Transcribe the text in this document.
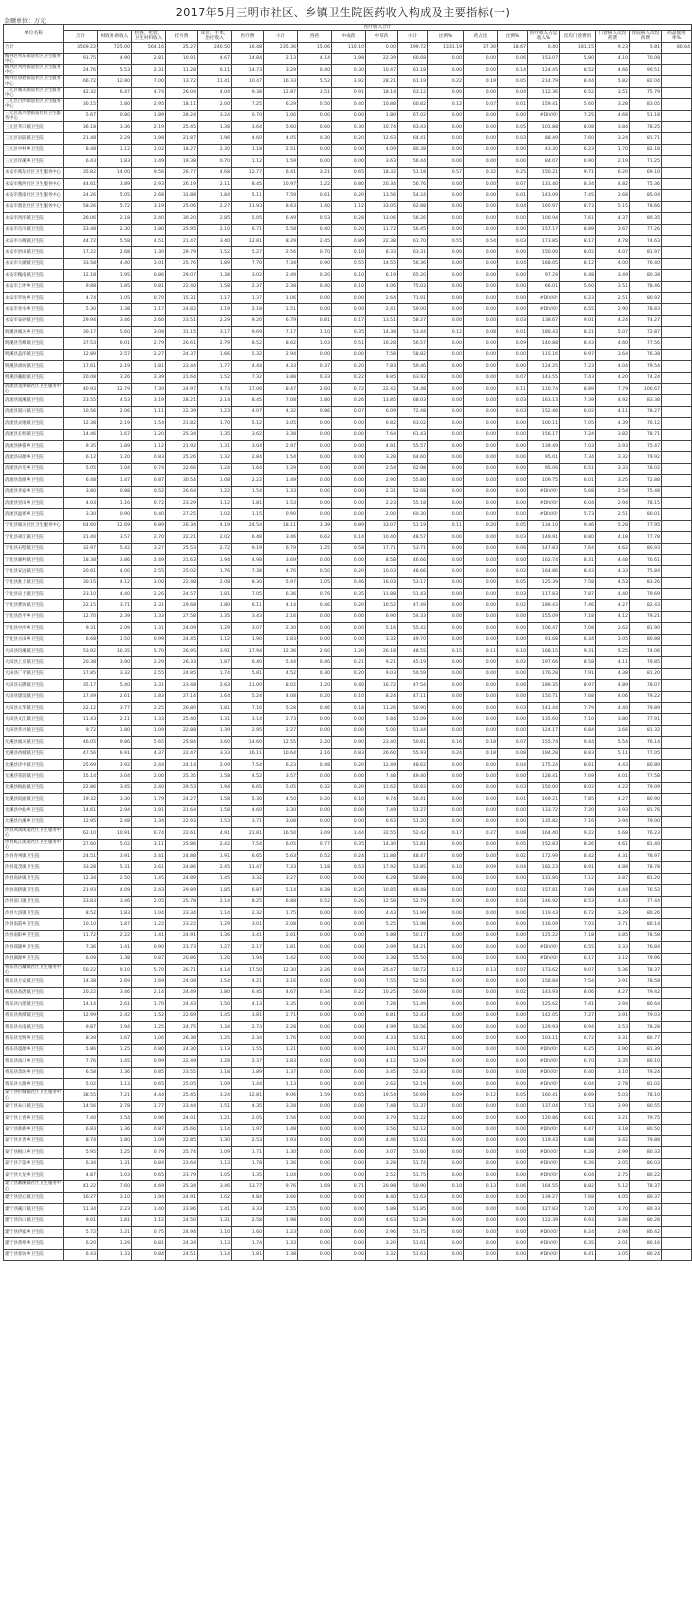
2017年5月三明市社区、乡镇卫生院医药收入构成及主要指标(一)
金额单位：万元
单位名称	医疗收入合计																		
	合计	财政补助收入	检查、化验、卫生材料收入	挂号费	床位、手术、治疗收入	医疗费	小计	西药	中成药	中草药	小计	比例%	药占比	比例%	医疗收入占总收入%	次均门诊费用	门诊病人次均药费	住院病人次均药费	药品使用率%
合计	3569.22	725.00	564.16	25.27	240.50	16.48	235.36	15.06	110.10	0.00	199.72	1331.19	37.30	18.67	0.40	181.15	9.23	5.81	80.64
梅列区列东街道社区卫生服务中心	91.75	4.90	2.81	10.91	4.67	14.84	2.13	4.14	1.98	22.39	60.68	0.00	0.00	0.06	153.07	5.80	4.10	70.08	
梅列区列西街道社区卫生服务中心	24.76	5.53	2.31	11.28	6.11	14.73	3.29	0.40	0.30	10.47	61.18	0.00	0.00	0.14	124.45	8.52	4.66	90.51	
梅列区徐碧街道社区卫生服务中心	66.72	12.80	7.00	13.72	11.41	10.47	16.33	5.52	3.92	28.21	61.19	0.22	0.19	0.05	214.79	8.44	5.82	82.04	
三元区城关街道社区卫生服务中心	42.32	6.47	4.74	26.04	4.04	9.38	12.87	3.51	0.91	18.14	63.12	0.00	0.00	0.04	112.36	6.52	3.51	75.79	
三元区白沙街道社区卫生服务中心	30.15	1.80	2.95	18.11	2.00	7.25	6.29	0.50	0.40	10.88	60.82	0.12	0.07	0.01	159.41	5.60	3.28	83.05	
三元区富兴堡街道社区卫生服务中心	5.67	0.80	1.89	28.24	3.24	0.70	1.06	0.00	0.00	1.80	67.02	0.00	0.00	0.00	#DIV/0!	7.25	4.68	51.18	
三元区莘口镇卫生院	36.18	3.36	2.19	25.45	1.38	3.64	5.60	0.60	0.30	10.74	63.43	0.00	0.00	0.05	101.88	8.08	3.84	78.25	
三元区岩前镇卫生院	21.48	2.29	1.98	21.87	1.96	4.60	4.05	0.30	0.20	12.63	64.41	0.00	0.00	0.03	88.49	7.60	3.24	81.71	
三元区中村乡卫生院	8.48	1.12	1.02	18.27	2.30	1.18	2.51	0.00	0.00	4.09	80.38	0.00	0.00	0.00	43.30	6.23	1.70	82.18	
三元区洋溪乡卫生院	6.43	1.83	1.49	19.38	0.70	1.12	1.59	0.00	0.00	3.63	56.44	0.00	0.00	0.00	84.07	6.90	2.19	71.25	
永安市燕东社区卫生服务中心	35.82	14.00	9.56	26.77	4.68	12.77	6.41	3.21	0.65	18.32	51.18	0.57	0.32	0.25	150.21	9.71	6.20	69.10	
永安市燕西社区卫生服务中心	44.61	3.89	2.93	26.19	2.11	8.45	10.97	1.22	0.80	20.34	56.76	0.00	0.00	0.07	131.40	8.34	4.82	75.36	
永安市燕南社区卫生服务中心	24.26	5.05	2.68	31.88	1.84	5.11	7.59	0.61	0.20	13.56	54.24	0.00	0.00	0.01	143.09	7.45	3.68	85.04	
永安市燕北社区卫生服务中心	58.26	5.72	3.19	25.06	2.27	11.93	8.63	1.40	1.12	33.05	62.88	0.00	0.00	0.04	160.97	8.73	5.15	78.66	
永安市西洋镇卫生院	26.06	2.18	2.40	30.20	2.85	5.05	6.49	0.53	0.28	13.06	56.26	0.00	0.00	0.00	100.94	7.61	4.37	80.35	
永安市贡川镇卫生院	23.48	2.30	1.80	25.95	2.10	6.71	5.58	0.40	0.20	11.72	56.45	0.00	0.00	0.00	157.17	8.89	3.67	77.26	
永安市小陶镇卫生院	44.72	5.58	4.51	21.47	3.40	12.81	8.29	2.45	0.89	22.38	61.70	0.55	0.54	0.03	173.85	8.17	4.78	74.63	
永安市洪田镇卫生院	17.22	2.68	1.30	29.79	1.52	5.27	2.56	0.70	0.10	8.33	63.31	0.00	0.00	0.00	150.00	8.02	4.07	81.97	
永安市大湖镇卫生院	33.58	4.40	3.01	25.76	1.89	7.70	7.34	0.90	0.55	14.55	56.36	0.00	0.00	0.04	168.05	8.12	4.00	76.40	
永安市槐南镇卫生院	12.18	1.95	0.86	29.07	1.38	3.02	2.49	0.20	0.10	6.19	65.20	0.00	0.00	0.00	97.29	6.48	3.49	80.38	
永安市上坪乡卫生院	9.88	1.85	0.81	22.40	1.58	2.37	2.38	0.40	0.10	4.06	75.03	0.00	0.00	0.00	66.01	5.60	3.51	78.46	
永安市罗坊乡卫生院	4.74	1.05	0.70	15.31	1.17	1.37	1.06	0.00	0.00	2.64	71.91	0.00	0.00	0.00	#DIV/0!	6.23	2.51	80.92	
永安市青水乡卫生院	5.30	1.38	1.17	24.82	1.19	2.18	1.51	0.00	0.00	2.41	59.00	0.00	0.00	0.00	#DIV/0!	6.55	2.90	78.83	
永安市安砂镇卫生院	29.94	3.46	2.60	23.51	2.29	9.20	6.79	0.81	0.17	13.51	58.27	0.00	0.00	0.03	138.67	9.01	4.24	74.27	
明溪县城关乡卫生院	30.17	5.60	3.08	31.15	3.17	9.69	7.17	1.10	0.35	14.38	53.44	0.12	0.08	0.01	180.43	8.21	5.07	72.87	
明溪县雪峰镇卫生院	37.53	6.01	2.79	26.61	2.79	8.52	8.62	1.03	0.51	16.28	56.57	0.00	0.00	0.09	140.88	8.43	4.60	77.56	
明溪县盖洋镇卫生院	12.89	2.57	2.27	24.37	1.66	5.32	2.94	0.00	0.00	7.58	58.82	0.00	0.00	0.00	115.16	6.97	3.64	76.38	
明溪县胡坊镇卫生院	17.61	2.19	1.81	23.44	1.77	4.44	4.33	0.37	0.20	7.83	59.46	0.00	0.00	0.00	124.25	7.23	4.04	79.54	
明溪县瀚仙镇卫生院	20.08	3.26	2.39	21.64	1.52	7.32	3.88	0.33	0.22	9.85	63.92	0.00	0.00	0.07	143.55	7.43	4.20	74.24	
清流县龙津镇社区卫生服务中心	40.93	12.79	7.30	24.97	4.73	17.06	8.47	2.60	0.72	22.42	54.48	0.00	0.00	0.11	110.74	8.89	7.79	100.67	
清流县嵩溪镇卫生院	23.55	4.53	3.19	28.21	2.14	8.45	7.08	1.80	0.26	13.85	68.03	0.00	0.00	0.03	163.13	7.39	4.92	83.38	
清流县嵩口镇卫生院	10.56	2.06	1.11	22.39	1.23	4.07	4.32	0.86	0.07	6.09	72.48	0.00	0.00	0.03	152.46	6.02	4.11	78.27	
清流县灵地镇卫生院	12.38	2.19	1.54	21.82	1.70	5.12	3.05	0.00	0.00	6.82	63.02	0.00	0.00	0.00	100.11	7.05	4.39	76.12	
清流县长校镇卫生院	14.46	1.67	1.20	25.34	1.35	3.62	3.38	0.00	0.00	7.64	61.43	0.00	0.00	0.00	156.17	7.24	3.82	78.71	
清流县林畲乡卫生院	9.35	1.89	1.12	21.92	1.31	3.04	2.97	0.00	0.00	4.91	55.57	0.00	0.00	0.00	139.49	7.03	3.93	75.47	
清流县田源乡卫生院	6.12	1.20	0.83	25.26	1.32	2.84	1.54	0.00	0.00	3.28	64.60	0.00	0.00	0.00	95.01	7.34	3.32	79.92	
清流县沙芜乡卫生院	5.05	1.04	0.74	22.66	1.24	1.64	1.29	0.00	0.00	2.54	62.98	0.00	0.00	0.00	95.06	6.51	3.33	78.02	
清流县余朋乡卫生院	6.48	1.47	0.87	30.54	1.08	2.22	1.49	0.00	0.00	2.90	55.80	0.00	0.00	0.00	109.75	6.01	3.25	72.88	
清流县李家乡卫生院	3.80	0.88	0.52	26.64	1.22	1.54	1.33	0.00	0.00	2.31	52.68	0.00	0.00	0.00	#DIV/0!	5.68	2.54	75.48	
清流县里田乡卫生院	4.03	1.16	0.72	23.29	1.12	1.81	1.53	0.00	0.00	2.23	55.18	0.00	0.00	0.00	#DIV/0!	6.04	2.94	78.15	
清流县温郊乡卫生院	3.30	0.90	0.40	27.25	1.02	1.15	0.90	0.00	0.00	2.00	60.30	0.00	0.00	0.00	#DIV/0!	5.73	2.51	80.01	
宁化县城关社区卫生服务中心	64.60	12.69	6.89	26.34	4.19	24.54	18.11	3.39	0.89	33.07	51.19	0.11	0.20	0.05	134.10	9.46	5.28	77.95	
宁化县翠江镇卫生院	21.40	3.57	2.70	22.21	2.02	6.48	3.46	0.62	0.14	10.40	48.57	0.00	0.00	0.03	149.91	8.80	4.18	77.78	
宁化县石壁镇卫生院	32.97	5.42	3.27	25.53	2.72	9.19	6.79	1.25	0.58	17.71	53.71	0.00	0.00	0.06	147.83	7.64	4.62	80.93	
宁化县湖村镇卫生院	18.38	3.86	2.49	21.63	1.94	4.98	3.69	0.00	0.00	8.58	46.66	0.00	0.00	0.00	162.74	8.31	4.48	76.61	
宁化县安远镇卫生院	20.61	4.00	2.55	25.02	1.76	7.38	4.76	0.50	0.20	10.03	48.66	0.00	0.00	0.02	164.86	8.43	4.33	75.84	
宁化县淮土镇卫生院	30.15	4.12	3.00	22.48	2.08	8.30	5.97	1.05	0.46	16.03	53.17	0.00	0.00	0.05	125.39	7.58	4.53	83.26	
宁化县泉上镇卫生院	23.10	4.40	2.26	24.57	1.81	7.05	6.36	0.76	0.35	11.88	51.43	0.00	0.00	0.03	117.83	7.87	4.40	79.69	
宁化县曹坊镇卫生院	22.15	3.71	2.31	29.68	1.80	6.11	4.14	0.46	0.20	10.52	47.49	0.00	0.00	0.02	189.43	7.46	4.27	82.43	
宁化县治平乡卫生院	12.70	2.39	1.33	27.58	1.35	3.43	2.16	0.00	0.00	6.90	54.33	0.00	0.00	0.00	155.09	7.18	4.12	79.21	
宁化县中沙乡卫生院	9.31	2.09	1.31	24.09	1.29	3.07	2.30	0.00	0.00	5.16	55.42	0.00	0.00	0.00	106.47	7.08	3.62	81.90	
宁化县方田乡卫生院	6.68	1.50	0.99	24.45	1.12	1.90	1.83	0.00	0.00	3.32	49.70	0.00	0.00	0.00	91.68	6.34	3.05	80.88	
大田县均溪镇卫生院	53.92	10.35	5.70	26.95	3.91	17.94	12.36	2.60	1.20	26.18	48.55	0.15	0.11	0.10	168.15	9.31	5.25	74.06	
大田县上京镇卫生院	20.38	3.90	2.29	26.33	1.87	6.40	5.44	0.46	0.21	9.21	45.19	0.00	0.00	0.02	197.66	8.58	4.11	79.85	
大田县广平镇卫生院	17.85	3.32	2.55	24.85	1.74	5.81	4.52	0.30	0.20	9.03	50.59	0.00	0.00	0.00	176.28	7.91	4.38	81.20	
大田县石牌镇卫生院	35.17	5.40	3.31	23.48	2.63	11.00	8.02	1.20	0.40	16.72	47.54	0.00	0.00	0.06	189.35	8.97	4.89	78.07	
大田县建设镇卫生院	17.49	2.61	1.83	27.14	1.64	5.24	4.08	0.20	0.10	8.24	47.11	0.00	0.00	0.00	150.71	7.68	4.06	79.22	
大田县太华镇卫生院	22.12	3.77	2.25	26.80	1.81	7.16	5.28	0.46	0.18	11.26	50.90	0.00	0.00	0.03	141.44	7.79	4.40	79.89	
大田县文江镇卫生院	11.43	2.11	1.33	25.40	1.31	3.14	2.73	0.00	0.00	5.84	51.09	0.00	0.00	0.00	135.60	7.10	3.80	77.91	
大田县华兴镇卫生院	9.72	1.80	1.09	22.88	1.39	2.95	2.27	0.00	0.00	5.00	51.44	0.00	0.00	0.00	124.17	6.84	3.66	81.32	
尤溪县城关镇卫生院	46.05	9.86	5.65	25.84	3.60	14.60	12.55	2.20	0.90	23.40	50.81	0.16	0.18	0.07	155.74	9.44	5.54	76.14	
尤溪县西城镇卫生院	47.56	6.91	4.37	22.47	3.33	16.11	10.64	2.16	0.83	26.60	55.93	0.24	0.18	0.08	194.28	8.83	5.11	77.05	
尤溪县洋中镇卫生院	25.69	3.92	2.44	24.14	2.09	7.54	6.23	0.48	0.20	12.49	48.62	0.00	0.00	0.04	175.24	8.61	4.43	80.80	
尤溪县管前镇卫生院	15.14	3.04	2.00	25.35	1.58	4.52	3.57	0.00	0.00	7.48	49.40	0.00	0.00	0.00	128.41	7.69	4.01	77.58	
尤溪县梅仙镇卫生院	22.86	3.45	2.40	29.53	1.94	6.65	5.05	0.32	0.20	11.62	50.83	0.00	0.00	0.03	150.00	8.02	4.22	79.09	
尤溪县坂面镇卫生院	19.32	3.30	1.79	24.27	1.58	5.30	4.50	0.20	0.10	9.74	50.41	0.00	0.00	0.01	169.21	7.85	4.27	80.90	
尤溪县中仙乡卫生院	14.61	2.94	1.91	21.64	1.58	4.60	3.30	0.00	0.00	7.49	51.27	0.00	0.00	0.00	133.72	7.20	3.93	81.76	
尤溪县台溪乡卫生院	12.95	2.48	1.34	22.93	1.53	3.71	3.08	0.00	0.00	6.63	51.20	0.00	0.00	0.00	135.82	7.16	3.94	79.00	
沙县凤岗街道社区卫生服务中心	62.10	10.91	6.74	22.61	4.91	21.81	16.50	3.09	1.44	32.55	52.42	0.17	0.27	0.08	164.40	9.22	5.68	76.23	
沙县虬江街道社区卫生服务中心	27.60	5.02	3.11	25.86	2.42	7.54	6.05	0.77	0.35	14.30	51.81	0.00	0.00	0.05	152.83	8.26	4.61	81.40	
沙县青州镇卫生院	24.51	3.91	2.41	24.88	1.91	6.65	5.63	0.52	0.24	11.88	48.47	0.00	0.00	0.02	172.99	8.42	4.31	78.97	
沙县夏茂镇卫生院	33.28	5.31	3.61	24.86	2.45	11.47	7.33	1.18	0.53	17.92	53.85	0.10	0.09	0.04	182.23	8.91	4.88	78.78	
沙县高砂镇卫生院	12.34	2.50	1.45	24.89	1.45	3.32	3.27	0.00	0.00	6.28	50.89	0.00	0.00	0.00	131.80	7.12	3.87	81.20	
沙县高桥镇卫生院	21.93	4.09	2.43	29.89	1.85	6.87	5.14	0.38	0.20	10.85	49.48	0.00	0.00	0.02	157.81	7.89	4.44	76.52	
沙县富口镇卫生院	23.83	3.46	2.05	25.78	2.14	8.25	6.88	0.52	0.26	12.58	52.79	0.00	0.00	0.04	146.92	8.53	4.43	77.44	
沙县大洛镇卫生院	8.52	1.83	1.04	23.34	1.14	2.32	1.75	0.00	0.00	4.43	51.99	0.00	0.00	0.00	119.43	6.72	3.29	80.26	
沙县南霞乡卫生院	10.10	1.87	1.22	23.22	1.29	3.01	2.08	0.00	0.00	5.25	51.98	0.00	0.00	0.00	116.09	7.03	3.71	80.14	
沙县南阳乡卫生院	11.72	2.22	1.41	24.91	1.36	3.41	2.61	0.00	0.00	5.88	50.17	0.00	0.00	0.00	125.22	7.18	3.85	78.58	
沙县郑湖乡卫生院	7.36	1.41	0.90	23.73	1.27	2.17	1.81	0.00	0.00	3.99	54.21	0.00	0.00	0.00	#DIV/0!	6.55	3.33	76.84	
沙县湖源乡卫生院	6.09	1.38	0.87	20.86	1.20	1.94	1.42	0.00	0.00	3.38	55.50	0.00	0.00	0.00	#DIV/0!	6.17	3.12	79.96	
将乐县古镛镇社区卫生服务中心	50.22	9.10	5.70	26.71	4.14	17.50	12.30	2.26	0.94	25.47	50.72	0.12	0.13	0.07	173.62	9.07	5.36	78.37	
将乐县万安镇卫生院	14.38	2.69	1.69	24.08	1.54	4.21	3.16	0.00	0.00	7.55	52.50	0.00	0.00	0.00	158.84	7.54	3.91	78.58	
将乐县高唐镇卫生院	20.22	3.46	2.14	24.49	1.80	6.45	4.67	0.34	0.22	10.25	50.69	0.00	0.00	0.02	143.93	8.06	4.27	79.42	
将乐县白莲镇卫生院	14.14	2.61	1.70	24.43	1.50	4.13	3.35	0.00	0.00	7.28	51.49	0.00	0.00	0.00	125.62	7.41	3.94	80.64	
将乐县黄潭镇卫生院	12.99	2.42	1.52	22.69	1.45	3.81	2.71	0.00	0.00	6.81	52.43	0.00	0.00	0.00	142.05	7.27	3.91	79.03	
将乐县水南镇卫生院	9.87	1.94	1.25	24.75	1.34	2.73	2.28	0.00	0.00	4.99	50.56	0.00	0.00	0.00	129.93	6.94	3.53	78.28	
将乐县光明乡卫生院	8.39	1.67	1.06	26.38	1.25	2.34	1.76	0.00	0.00	4.33	51.61	0.00	0.00	0.00	103.11	6.72	3.31	80.77	
将乐县漠源乡卫生院	5.86	1.25	0.80	24.30	1.13	1.55	1.21	0.00	0.00	3.01	51.37	0.00	0.00	0.00	#DIV/0!	6.25	2.90	81.39	
将乐县南口乡卫生院	7.76	1.45	0.99	22.49	1.28	2.37	1.83	0.00	0.00	4.12	53.09	0.00	0.00	0.00	#DIV/0!	6.70	3.35	80.10	
将乐县余坊乡卫生院	6.58	1.36	0.85	23.55	1.18	1.89	1.37	0.00	0.00	3.45	52.43	0.00	0.00	0.00	#DIV/0!	6.40	3.10	79.24	
将乐县大源乡卫生院	5.02	1.13	0.65	25.05	1.09	1.44	1.13	0.00	0.00	2.62	52.19	0.00	0.00	0.00	#DIV/0!	6.04	2.78	81.02	
泰宁县杉城镇社区卫生服务中心	38.55	7.21	4.44	25.45	3.24	12.81	9.06	1.59	0.65	19.54	50.69	0.09	0.12	0.05	160.41	8.69	5.03	78.10	
泰宁县朱口镇卫生院	14.56	2.78	1.77	23.44	1.51	4.35	3.28	0.00	0.00	7.48	51.37	0.00	0.00	0.00	137.04	7.53	3.99	80.55	
泰宁县上青乡卫生院	7.40	1.54	0.96	24.01	1.21	2.05	1.56	0.00	0.00	3.79	51.22	0.00	0.00	0.00	120.86	6.61	3.21	79.75	
泰宁县新桥乡卫生院	6.83	1.36	0.87	25.66	1.14	1.97	1.48	0.00	0.00	3.56	52.12	0.00	0.00	0.00	#DIV/0!	6.47	3.18	80.50	
泰宁县开善乡卫生院	8.74	1.80	1.09	22.85	1.30	2.53	1.93	0.00	0.00	4.46	51.03	0.00	0.00	0.00	119.43	6.88	3.42	79.88	
泰宁县梅口乡卫生院	5.95	1.25	0.79	25.74	1.09	1.71	1.30	0.00	0.00	3.07	51.60	0.00	0.00	0.00	#DIV/0!	6.28	2.99	80.33	
泰宁县下渠乡卫生院	6.34	1.31	0.84	23.64	1.13	1.78	1.36	0.00	0.00	3.28	51.74	0.00	0.00	0.00	#DIV/0!	6.39	3.05	80.03	
泰宁县大龙乡卫生院	4.87	1.03	0.65	23.79	1.05	1.35	1.04	0.00	0.00	2.52	51.75	0.00	0.00	0.00	#DIV/0!	6.04	2.75	80.22	
建宁县濉溪镇社区卫生服务中心	41.22	7.60	4.69	25.34	3.46	13.77	9.76	1.69	0.71	20.98	50.90	0.10	0.13	0.06	164.55	8.82	5.12	78.37	
建宁县里心镇卫生院	16.27	3.10	1.94	24.91	1.62	4.84	3.66	0.00	0.00	8.40	51.63	0.00	0.00	0.00	139.27	7.68	4.05	80.37	
建宁县溪口镇卫生院	11.34	2.23	1.40	23.86	1.41	3.33	2.55	0.00	0.00	5.88	51.85	0.00	0.00	0.00	127.83	7.20	3.70	80.33	
建宁县均口镇卫生院	9.01	1.81	1.12	24.50	1.31	2.58	1.98	0.00	0.00	4.63	51.39	0.00	0.00	0.00	122.39	6.93	3.46	80.28	
建宁县伊家乡卫生院	5.72	1.21	0.75	24.94	1.10	1.60	1.23	0.00	0.00	2.96	51.75	0.00	0.00	0.00	#DIV/0!	6.24	2.94	80.42	
建宁县黄埠乡卫生院	6.20	1.29	0.81	24.34	1.13	1.74	1.33	0.00	0.00	3.20	51.61	0.00	0.00	0.00	#DIV/0!	6.35	3.01	80.16	
建宁县客坊乡卫生院	6.43	1.33	0.84	24.51	1.14	1.81	1.38	0.00	0.00	3.32	51.63	0.00	0.00	0.00	#DIV/0!	6.41	3.05	80.24	
